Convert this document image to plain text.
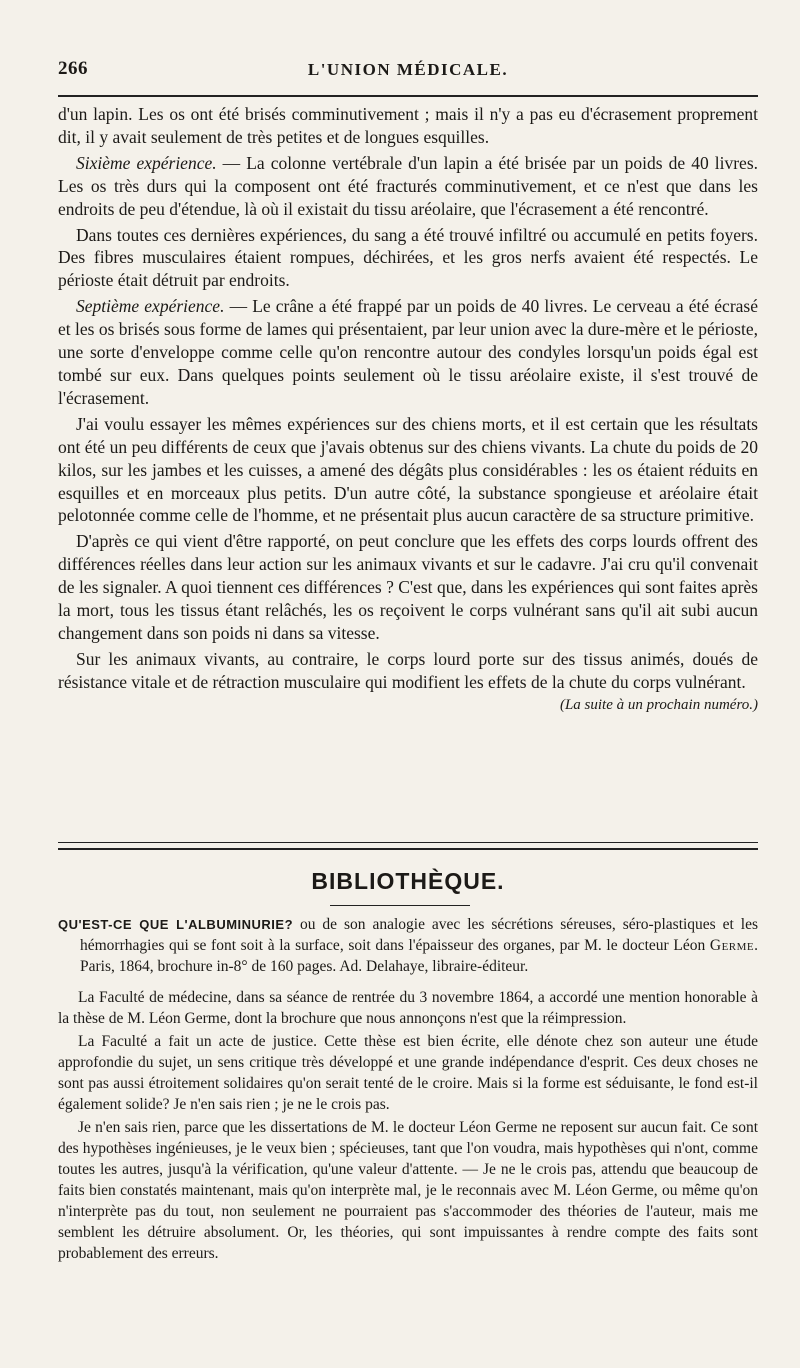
266	L'UNION MÉDICALE.

d'un lapin. Les os ont été brisés comminutivement ; mais il n'y a pas eu d'écrasement proprement dit, il y avait seulement de très petites et de longues esquilles.

Sixième expérience. — La colonne vertébrale d'un lapin a été brisée par un poids de 40 livres. Les os très durs qui la composent ont été fracturés comminutivement, et ce n'est que dans les endroits de peu d'étendue, là où il existait du tissu aréolaire, que l'écrasement a été rencontré.

Dans toutes ces dernières expériences, du sang a été trouvé infiltré ou accumulé en petits foyers. Des fibres musculaires étaient rompues, déchirées, et les gros nerfs avaient été respectés. Le périoste était détruit par endroits.

Septième expérience. — Le crâne a été frappé par un poids de 40 livres. Le cerveau a été écrasé et les os brisés sous forme de lames qui présentaient, par leur union avec la dure-mère et le périoste, une sorte d'enveloppe comme celle qu'on rencontre autour des condyles lorsqu'un poids égal est tombé sur eux. Dans quelques points seulement où le tissu aréolaire existe, il s'est trouvé de l'écrasement.

J'ai voulu essayer les mêmes expériences sur des chiens morts, et il est certain que les résultats ont été un peu différents de ceux que j'avais obtenus sur des chiens vivants. La chute du poids de 20 kilos, sur les jambes et les cuisses, a amené des dégâts plus considérables : les os étaient réduits en esquilles et en morceaux plus petits. D'un autre côté, la substance spongieuse et aréolaire était pelotonnée comme celle de l'homme, et ne présentait plus aucun caractère de sa structure primitive.

D'après ce qui vient d'être rapporté, on peut conclure que les effets des corps lourds offrent des différences réelles dans leur action sur les animaux vivants et sur le cadavre. J'ai cru qu'il convenait de les signaler. A quoi tiennent ces différences ? C'est que, dans les expériences qui sont faites après la mort, tous les tissus étant relâchés, les os reçoivent le corps vulnérant sans qu'il ait subi aucun changement dans son poids ni dans sa vitesse.

Sur les animaux vivants, au contraire, le corps lourd porte sur des tissus animés, doués de résistance vitale et de rétraction musculaire qui modifient les effets de la chute du corps vulnérant.

(La suite à un prochain numéro.)
BIBLIOTHÈQUE.

QU'EST-CE QUE L'ALBUMINURIE? ou de son analogie avec les sécrétions séreuses, séro-plastiques et les hémorrhagies qui se font soit à la surface, soit dans l'épaisseur des organes, par M. le docteur Léon Germe. Paris, 1864, brochure in-8° de 160 pages. Ad. Delahaye, libraire-éditeur.

La Faculté de médecine, dans sa séance de rentrée du 3 novembre 1864, a accordé une mention honorable à la thèse de M. Léon Germe, dont la brochure que nous annonçons n'est que la réimpression.

La Faculté a fait un acte de justice. Cette thèse est bien écrite, elle dénote chez son auteur une étude approfondie du sujet, un sens critique très développé et une grande indépendance d'esprit. Ces deux choses ne sont pas aussi étroitement solidaires qu'on serait tenté de le croire. Mais si la forme est séduisante, le fond est-il également solide? Je n'en sais rien ; je ne le crois pas.

Je n'en sais rien, parce que les dissertations de M. le docteur Léon Germe ne reposent sur aucun fait. Ce sont des hypothèses ingénieuses, je le veux bien ; spécieuses, tant que l'on voudra, mais hypothèses qui n'ont, comme toutes les autres, jusqu'à la vérification, qu'une valeur d'attente. — Je ne le crois pas, attendu que beaucoup de faits bien constatés maintenant, mais qu'on interprète mal, je le reconnais avec M. Léon Germe, ou même qu'on n'interprète pas du tout, non seulement ne pourraient pas s'accommoder des théories de l'auteur, mais me semblent les détruire absolument. Or, les théories, qui sont impuissantes à rendre compte des faits sont probablement des erreurs.
